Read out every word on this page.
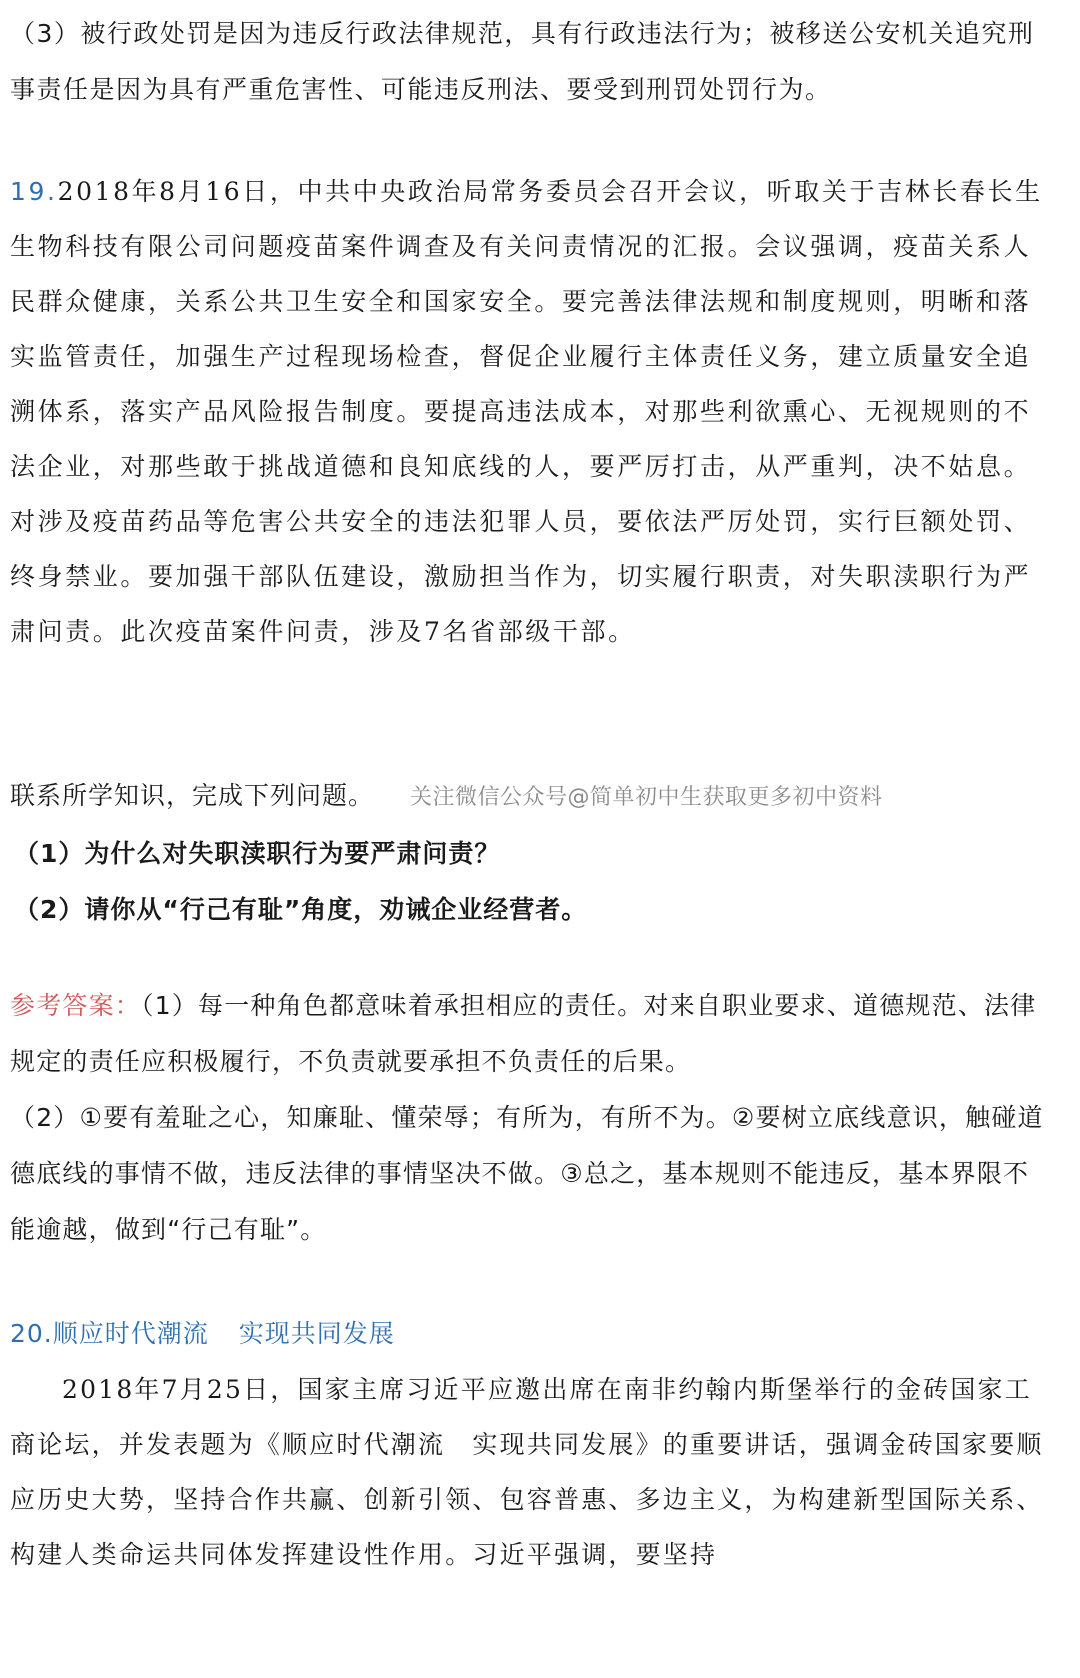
（3）被行政处罚是因为违反行政法律规范，具有行政违法行为；被移送公安机关追究刑事责任是因为具有严重危害性、可能违反刑法、要受到刑罚处罚行为。

19.2018年8月16日，中共中央政治局常务委员会召开会议，听取关于吉林长春长生生物科技有限公司问题疫苗案件调查及有关问责情况的汇报。会议强调，疫苗关系人民群众健康，关系公共卫生安全和国家安全。要完善法律法规和制度规则，明晰和落实监管责任，加强生产过程现场检查，督促企业履行主体责任义务，建立质量安全追溯体系，落实产品风险报告制度。要提高违法成本，对那些利欲熏心、无视规则的不法企业，对那些敢于挑战道德和良知底线的人，要严厉打击，从严重判，决不姑息。对涉及疫苗药品等危害公共安全的违法犯罪人员，要依法严厉处罚，实行巨额处罚、终身禁业。要加强干部队伍建设，激励担当作为，切实履行职责，对失职渎职行为严肃问责。此次疫苗案件问责，涉及7名省部级干部。

联系所学知识，完成下列问题。 关注微信公众号@简单初中生获取更多初中资料

（1）为什么对失职渎职行为要严肃问责？

（2）请你从“行己有耻”角度，劝诫企业经营者。

参考答案：（1）每一种角色都意味着承担相应的责任。对来自职业要求、道德规范、法律规定的责任应积极履行，不负责就要承担不负责任的后果。

（2）①要有羞耻之心，知廉耻、懂荣辱；有所为，有所不为。②要树立底线意识，触碰道德底线的事情不做，违反法律的事情坚决不做。③总之，基本规则不能违反，基本界限不能逾越，做到“行己有耻”。

20.顺应时代潮流 实现共同发展

2018年7月25日，国家主席习近平应邀出席在南非约翰内斯堡举行的金砖国家工商论坛，并发表题为《顺应时代潮流　实现共同发展》的重要讲话，强调金砖国家要顺应历史大势，坚持合作共赢、创新引领、包容普惠、多边主义，为构建新型国际关系、构建人类命运共同体发挥建设性作用。习近平强调，要坚持
